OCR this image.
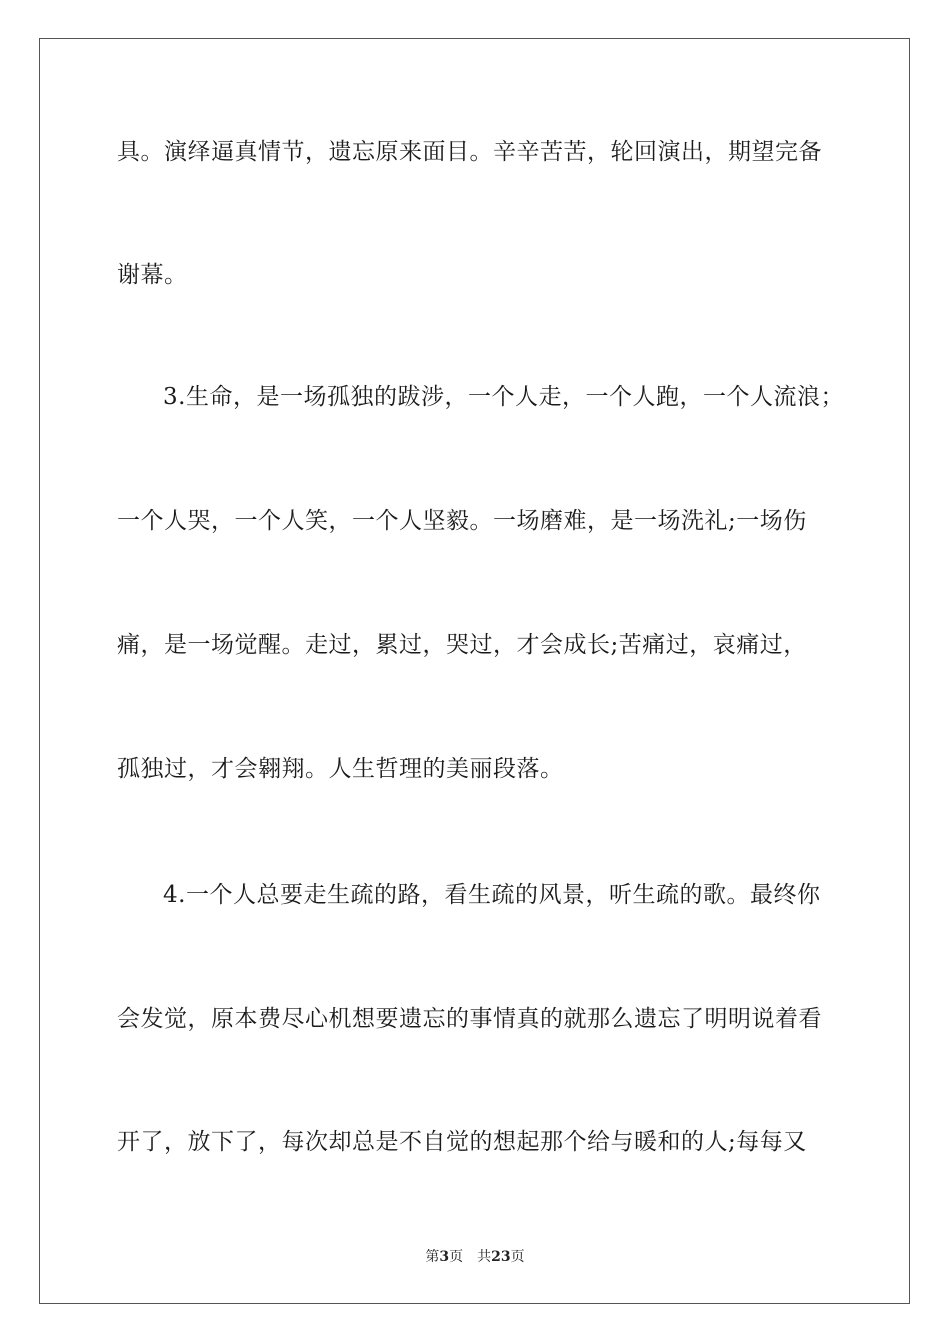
具。演绎逼真情节，遗忘原来面目。辛辛苦苦，轮回演出，期望完备
谢幕。
3.生命，是一场孤独的跋涉，一个人走，一个人跑，一个人流浪；
一个人哭，一个人笑，一个人坚毅。一场磨难，是一场洗礼;一场伤
痛，是一场觉醒。走过，累过，哭过，才会成长;苦痛过，哀痛过，
孤独过，才会翱翔。人生哲理的美丽段落。
4.一个人总要走生疏的路，看生疏的风景，听生疏的歌。最终你
会发觉，原本费尽心机想要遗忘的事情真的就那么遗忘了明明说着看
开了，放下了，每次却总是不自觉的想起那个给与暖和的人;每每又
第3页 共23页
